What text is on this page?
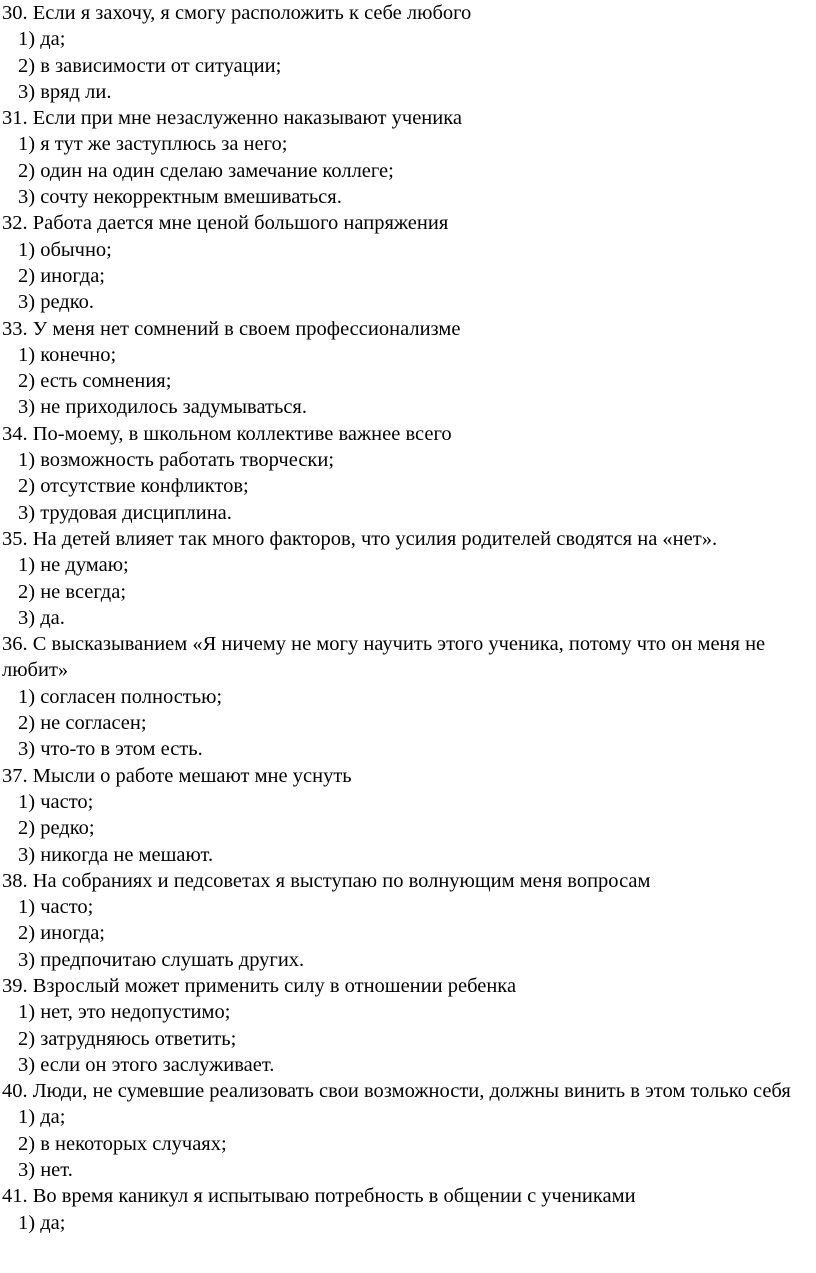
30. Если я захочу, я смогу расположить к себе любого

1) да;

2) в зависимости от ситуации;

3) вряд ли.

31. Если при мне незаслуженно наказывают ученика

1) я тут же заступлюсь за него;

2) один на один сделаю замечание коллеге;

3) сочту некорректным вмешиваться.

32. Работа дается мне ценой большого напряжения

1) обычно;

2) иногда;

3) редко.

33. У меня нет сомнений в своем профессионализме

1) конечно;

2) есть сомнения;

3) не приходилось задумываться.

34. По-моему, в школьном коллективе важнее всего

1) возможность работать творчески;

2) отсутствие конфликтов;

3) трудовая дисциплина.

35. На детей влияет так много факторов, что усилия родителей сводятся на «нет».

1) не думаю;

2) не всегда;

3) да.

36. С высказыванием «Я ничему не могу научить этого ученика, потому что он меня не любит»

1) согласен полностью;

2) не согласен;

3) что-то в этом есть.

37. Мысли о работе мешают мне уснуть

1) часто;

2) редко;

3) никогда не мешают.

38. На собраниях и педсоветах я выступаю по волнующим меня вопросам

1) часто;

2) иногда;

3) предпочитаю слушать других.

39. Взрослый может применить силу в отношении ребенка

1) нет, это недопустимо;

2) затрудняюсь ответить;

3) если он этого заслуживает.

40. Люди, не сумевшие реализовать свои возможности, должны винить в этом только себя

1) да;

2) в некоторых случаях;

3) нет.

41. Во время каникул я испытываю потребность в общении с учениками

1) да;
